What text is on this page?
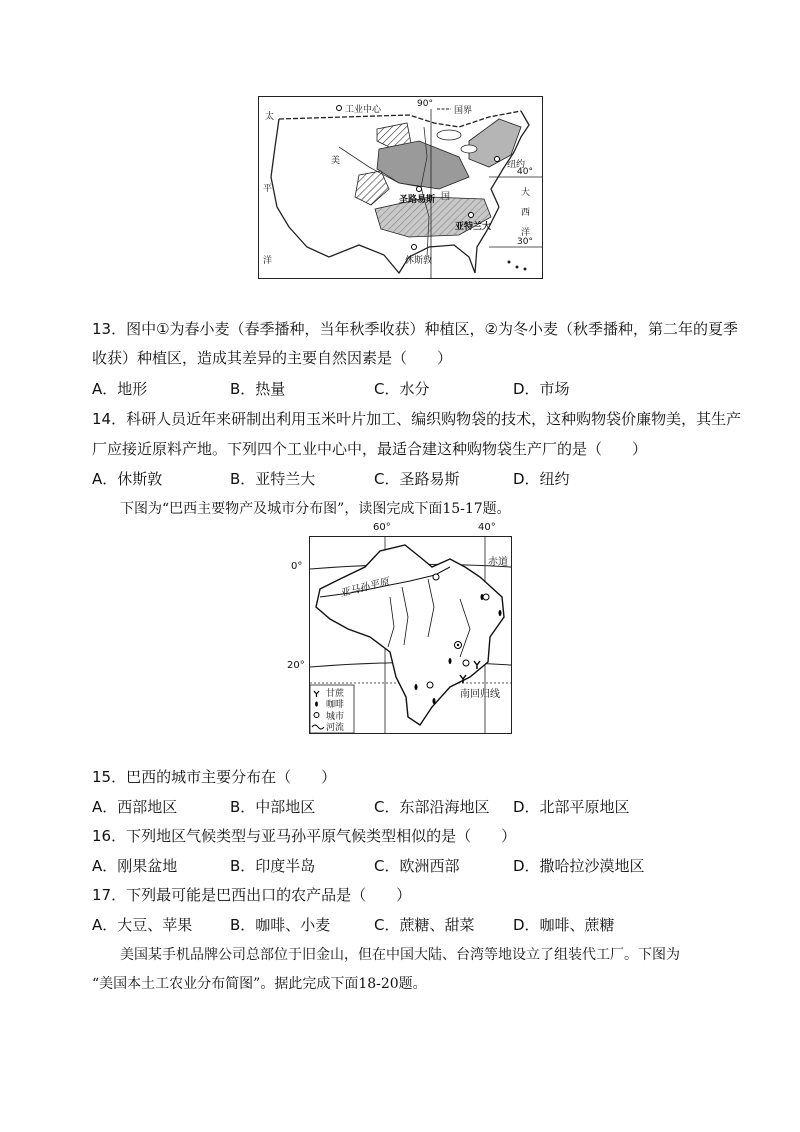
工业中心
90°
国界
太
平
洋
美
国
纽约
40°
大
西
洋
30°
圣路易斯
亚特兰大
休斯敦
13．图中①为春小麦（春季播种，当年秋季收获）种植区，②为冬小麦（秋季播种，第二年的夏季
收获）种植区，造成其差异的主要自然因素是（　　）
A．地形	B．热量	C．水分	D．市场
14．科研人员近年来研制出利用玉米叶片加工、编织购物袋的技术，这种购物袋价廉物美，其生产
厂应接近原料产地。下列四个工业中心中，最适合建这种购物袋生产厂的是（　　）
A．休斯敦	B．亚特兰大	C．圣路易斯	D．纽约
下图为“巴西主要物产及城市分布图”，读图完成下面15-17题。
60°	40°
0°
20°
赤道
亚马孙平原
南回归线
甘蔗
咖啡
城市
河流
15．巴西的城市主要分布在（　　）
A．西部地区	B．中部地区	C．东部沿海地区 D．北部平原地区
16．下列地区气候类型与亚马孙平原气候类型相似的是（　　）
A．刚果盆地	B．印度半岛	C．欧洲西部	D．撒哈拉沙漠地区
17．下列最可能是巴西出口的农产品是（　　）
A．大豆、苹果	B．咖啡、小麦	C．蔗糖、甜菜	D．咖啡、蔗糖
美国某手机品牌公司总部位于旧金山，但在中国大陆、台湾等地设立了组装代工厂。下图为
“美国本土工农业分布简图”。据此完成下面18-20题。
